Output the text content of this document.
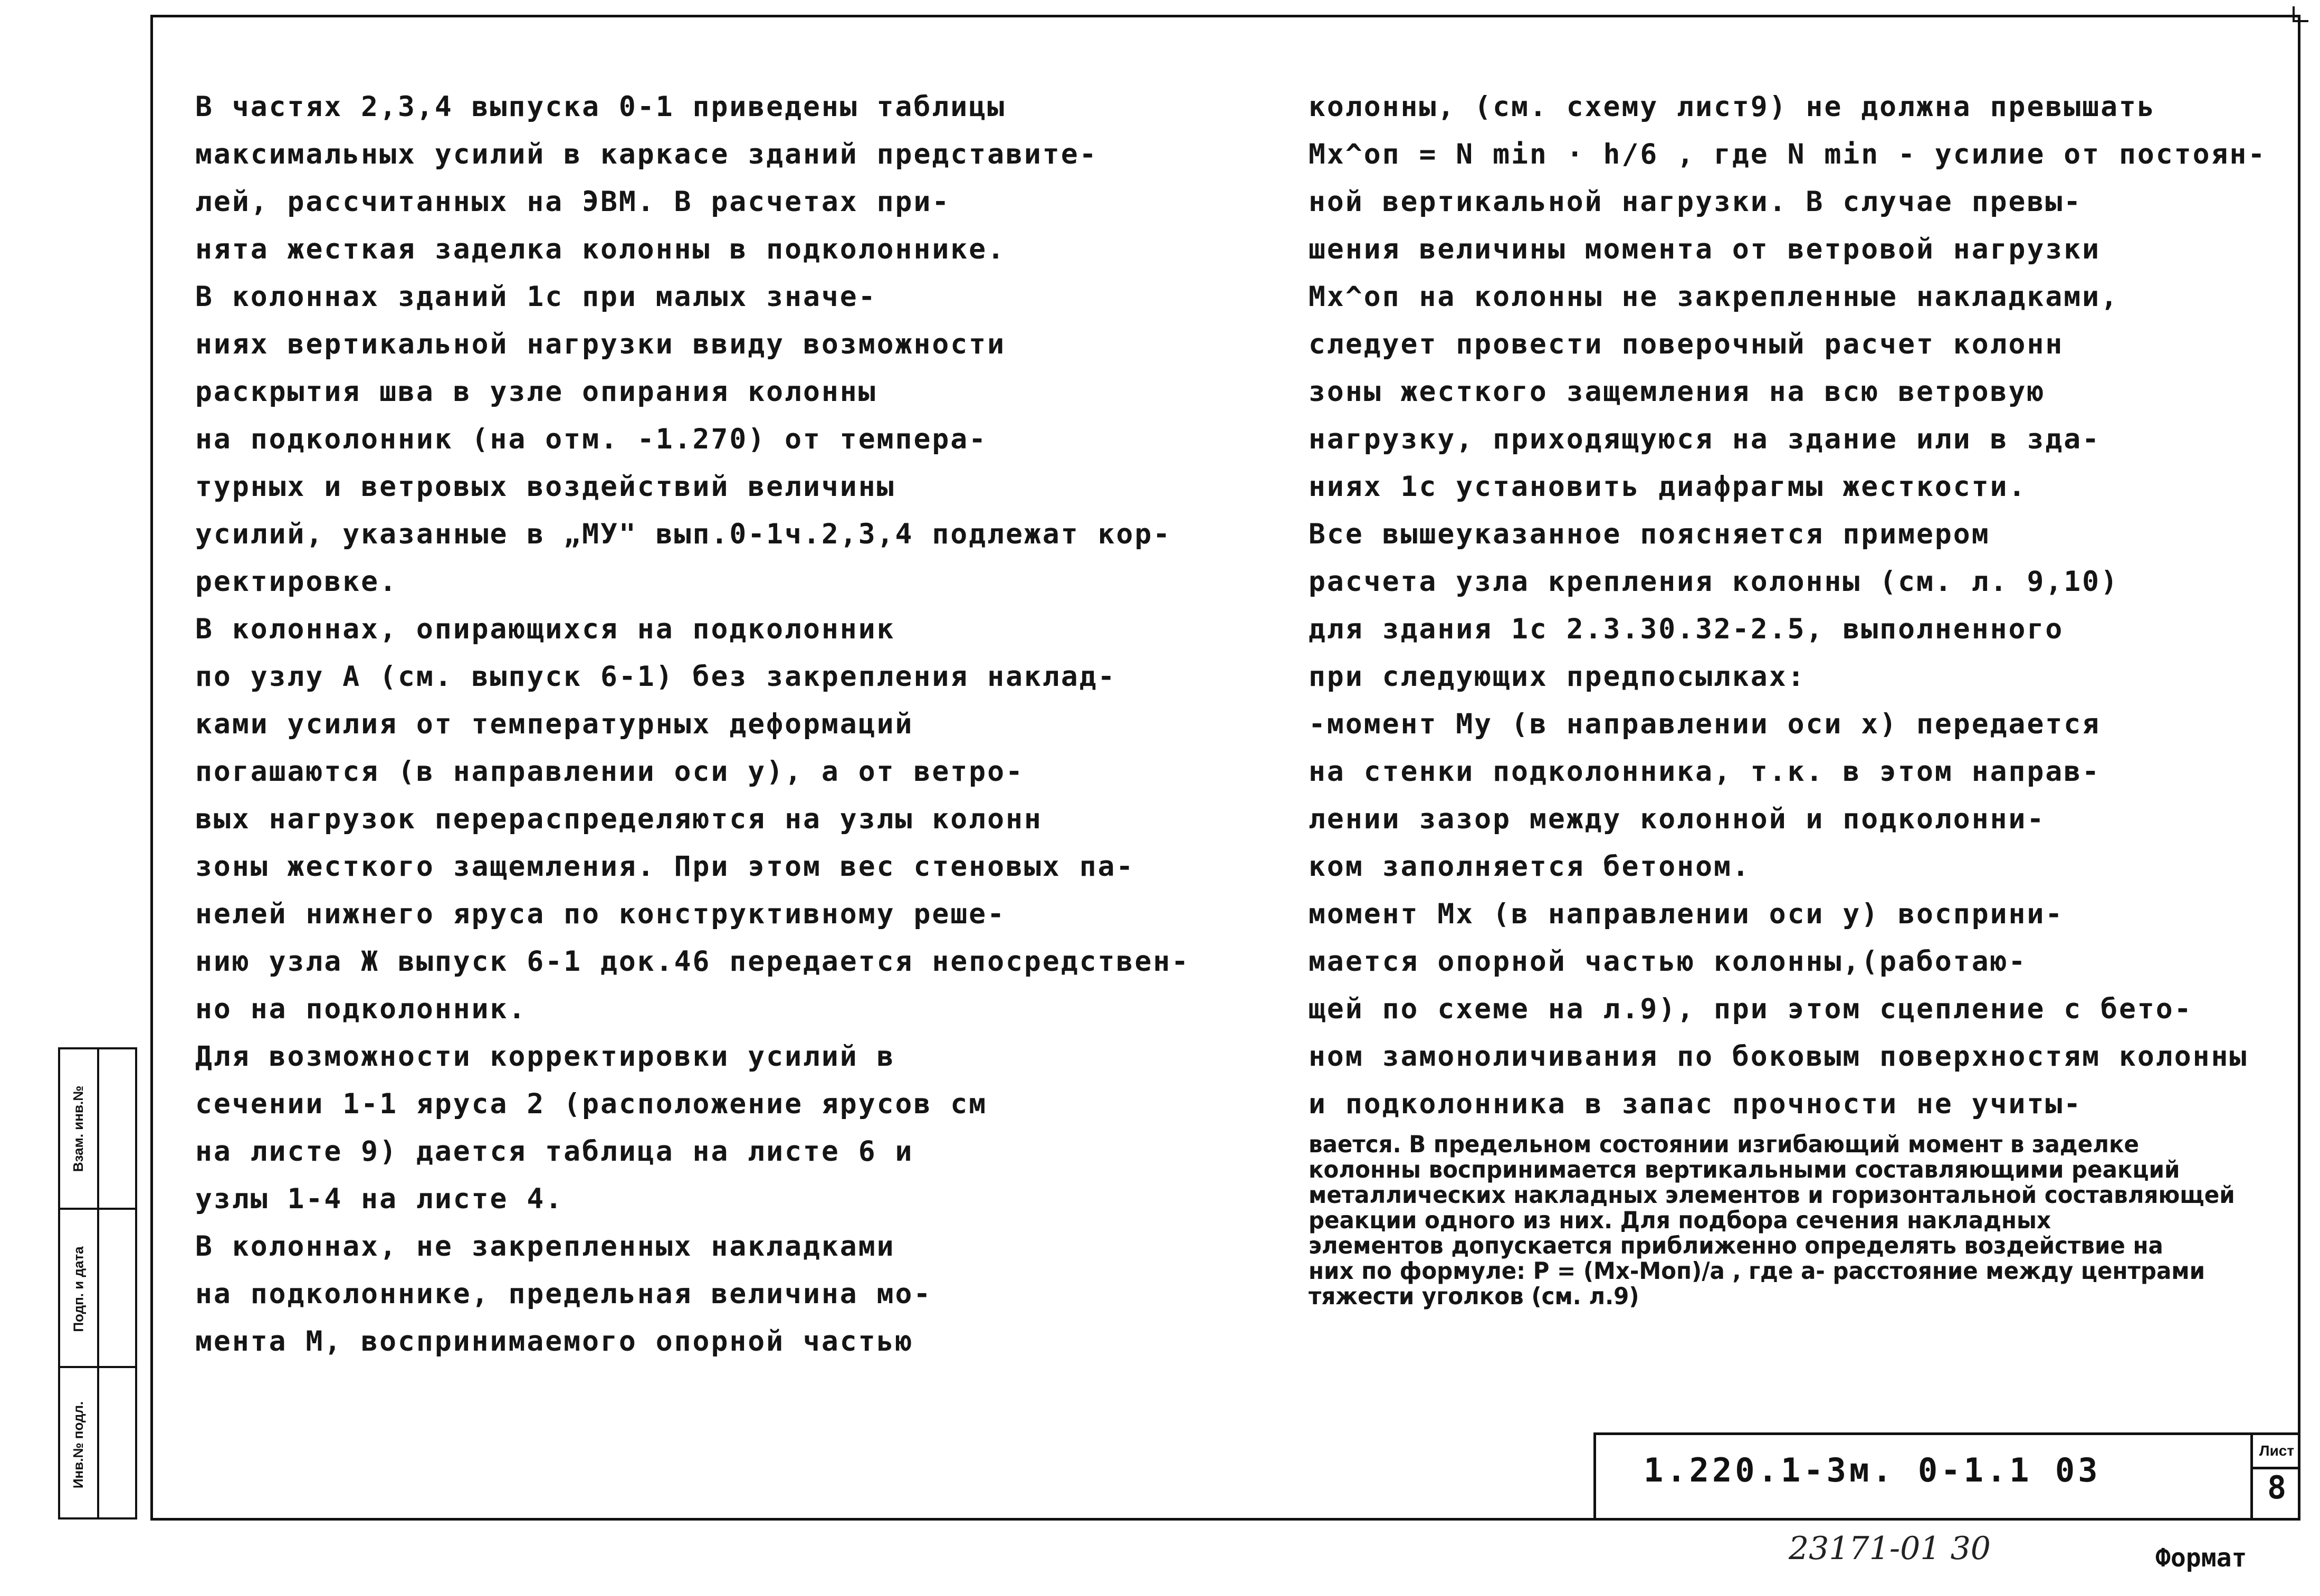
В частях 2,3,4 выпуска 0-1 приведены таблицы
максимальных усилий в каркасе зданий представите-
лей, рассчитанных на ЭВМ. В расчетах при-
нята жесткая заделка колонны в подколоннике.
В колоннах зданий 1с при малых значе-
ниях вертикальной нагрузки ввиду возможности
раскрытия шва в узле опирания колонны
на подколонник (на отм. -1.270) от темпера-
турных и ветровых воздействий величины
усилий, указанные в „МУ" вып.0-1ч.2,3,4 подлежат кор-
ректировке.
В колоннах, опирающихся на подколонник
по узлу А (см. выпуск 6-1) без закрепления наклад-
ками усилия от температурных деформаций
погашаются (в направлении оси y), а от ветро-
вых нагрузок перераспределяются на узлы колонн
зоны жесткого защемления. При этом вес стеновых па-
нелей нижнего яруса по конструктивному реше-
нию узла Ж выпуск 6-1 док.46 передается непосредствен-
но на подколонник.
Для возможности корректировки усилий в
сечении 1-1 яруса 2 (расположение ярусов см
на листе 9) дается таблица на листе 6 и
узлы 1-4 на листе 4.
В колоннах, не закрепленных накладками
на подколоннике, предельная величина мо-
мента М, воспринимаемого опорной частью
колонны, (см. схему лист9) не должна превышать
Mx^оп = N min · h/6 , где N min - усилие от постоян-
ной вертикальной нагрузки. В случае превы-
шения величины момента от ветровой нагрузки
Mx^оп на колонны не закрепленные накладками,
следует провести поверочный расчет колонн
зоны жесткого защемления на всю ветровую
нагрузку, приходящуюся на здание или в зда-
ниях 1с установить диафрагмы жесткости.
Все вышеуказанное поясняется примером
расчета узла крепления колонны (см. л. 9,10)
для здания 1с 2.3.30.32-2.5, выполненного
при следующих предпосылках:
-момент My (в направлении оси x) передается
на стенки подколонника, т.к. в этом направ-
лении зазор между колонной и подколонни-
ком заполняется бетоном.
момент Mx (в направлении оси y) восприни-
мается опорной частью колонны,(работаю-
щей по схеме на л.9), при этом сцепление с бето-
ном замоноличивания по боковым поверхностям колонны
и подколонника в запас прочности не учиты-
вается. В предельном состоянии изгибающий момент в заделке
колонны воспринимается вертикальными составляющими реакций
металлических накладных элементов и горизонтальной составляющей
реакции одного из них. Для подбора сечения накладных
элементов допускается приближенно определять воздействие на
них по формуле: P = (Mx-Mоп)/a , где a- расстояние между центрами
тяжести уголков (см. л.9)
Взам. инв.№
Подп. и дата
Инв.№ подл.	1.220.1-3м. 0-1.1 03
Лист
8
23171-01 30	Формат
